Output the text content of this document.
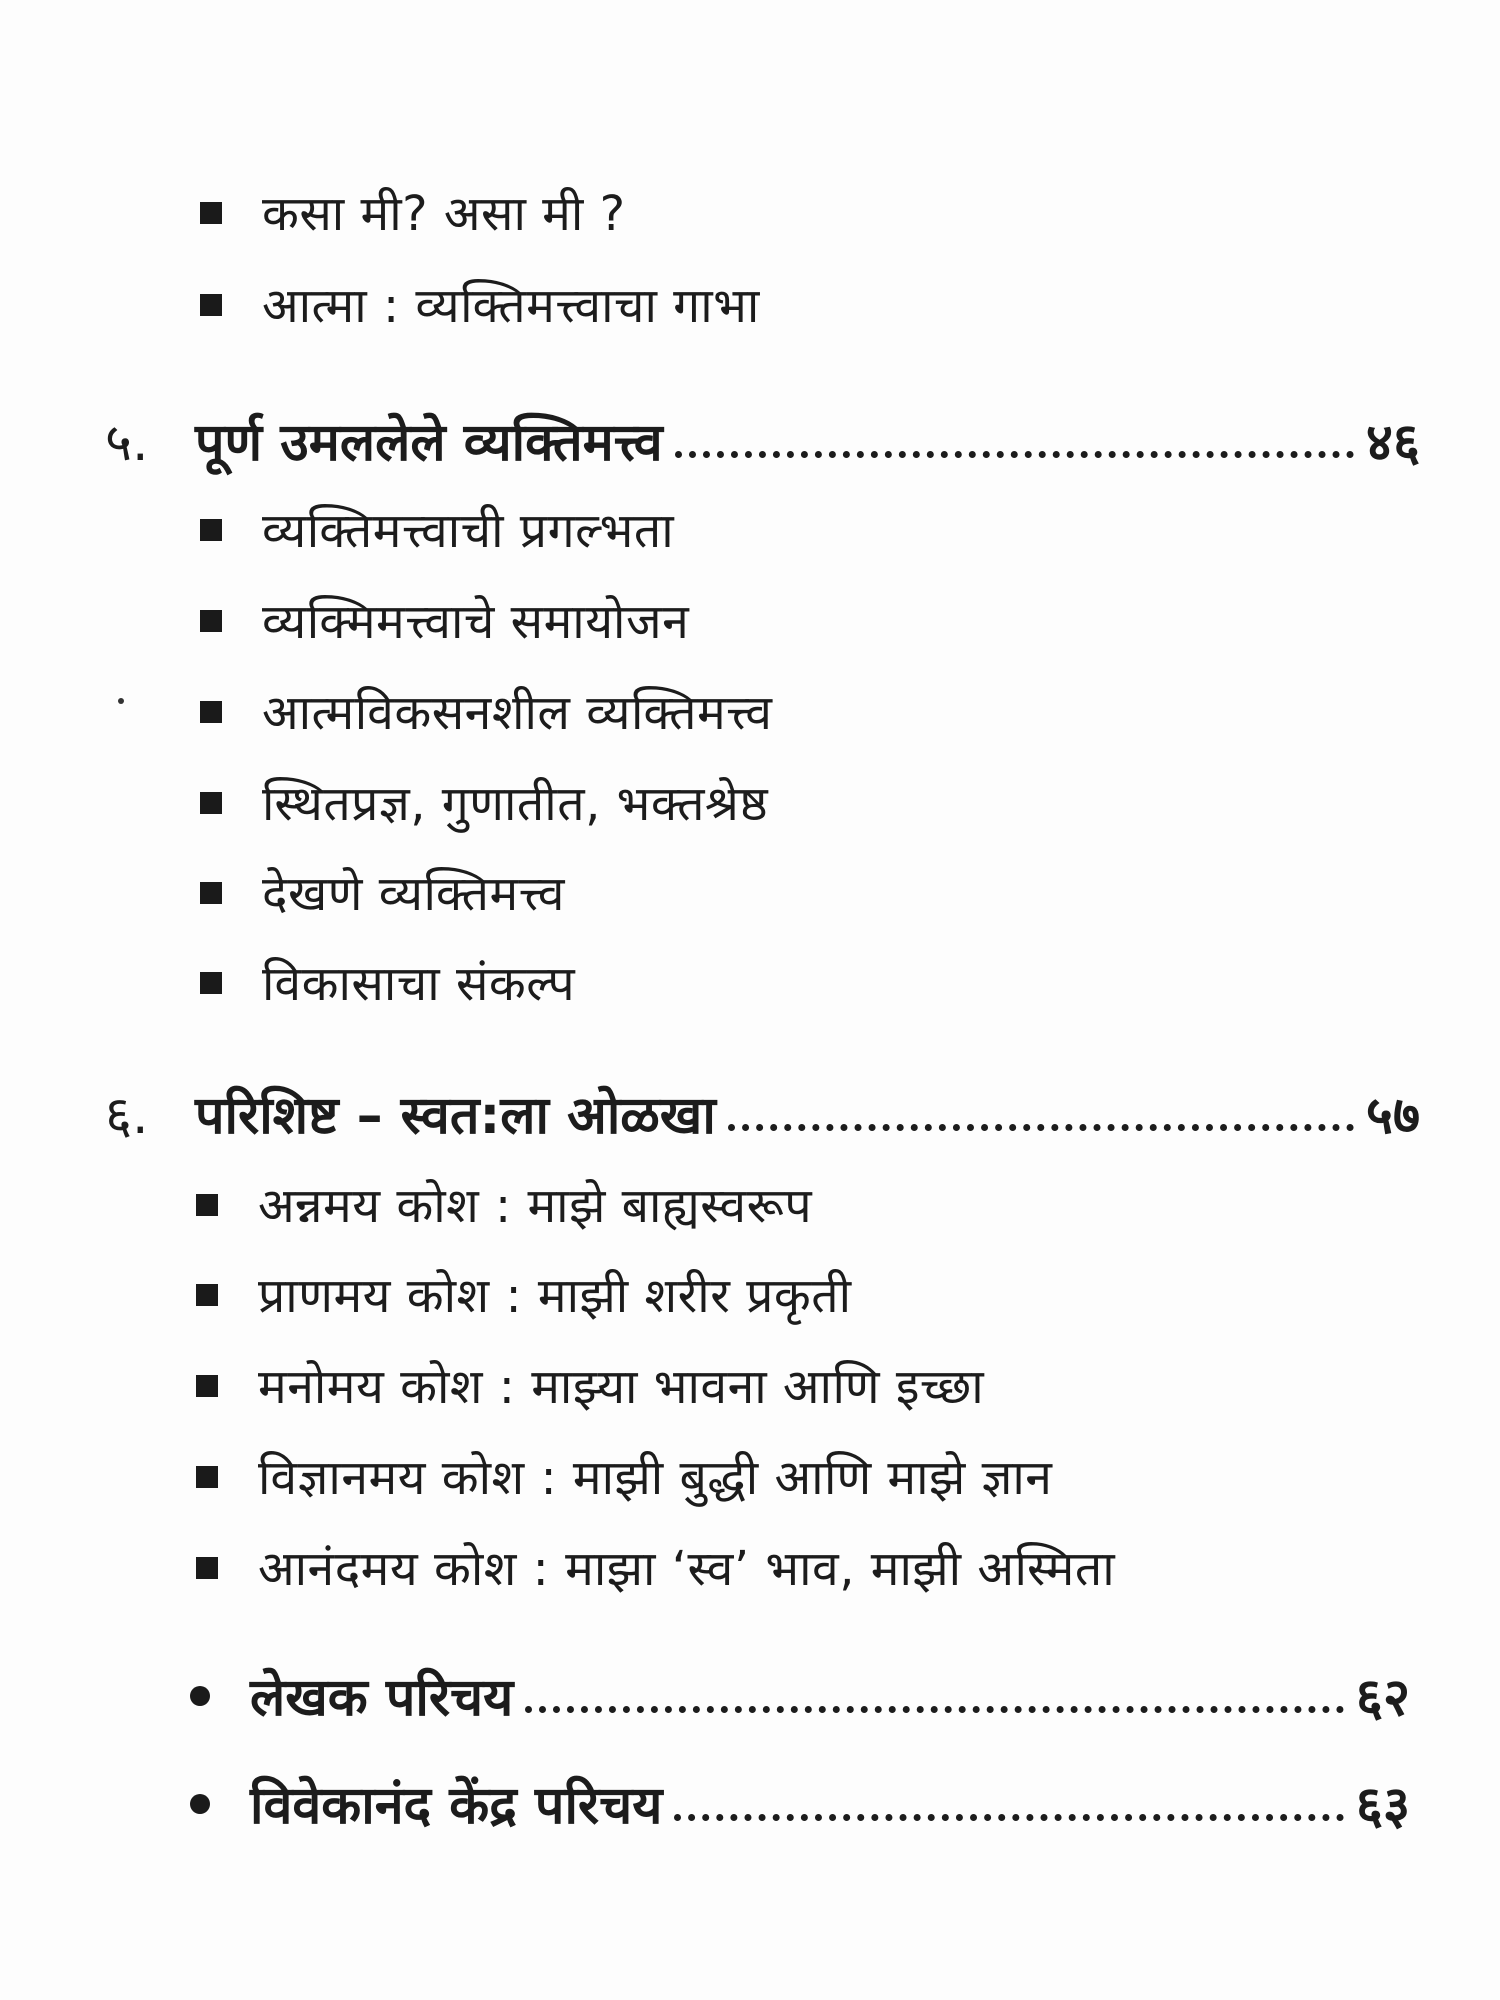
कसा मी? असा मी ?
आत्मा : व्यक्तिमत्त्वाचा गाभा
५. पूर्ण उमललेले व्यक्तिमत्त्व	४६
व्यक्तिमत्त्वाची प्रगल्भता
व्यक्मिमत्त्वाचे समायोजन
आत्मविकसनशील व्यक्तिमत्त्व
स्थितप्रज्ञ, गुणातीत, भक्तश्रेष्ठ
देखणे व्यक्तिमत्त्व
विकासाचा संकल्प
६. परिशिष्ट – स्वत:ला ओळखा	५७
अन्नमय कोश : माझे बाह्यस्वरूप
प्राणमय कोश : माझी शरीर प्रकृती
मनोमय कोश : माझ्या भावना आणि इच्छा
विज्ञानमय कोश : माझी बुद्धी आणि माझे ज्ञान
आनंदमय कोश : माझा ‘स्व’ भाव, माझी अस्मिता
लेखक परिचय	६२
विवेकानंद केंद्र परिचय	६३
